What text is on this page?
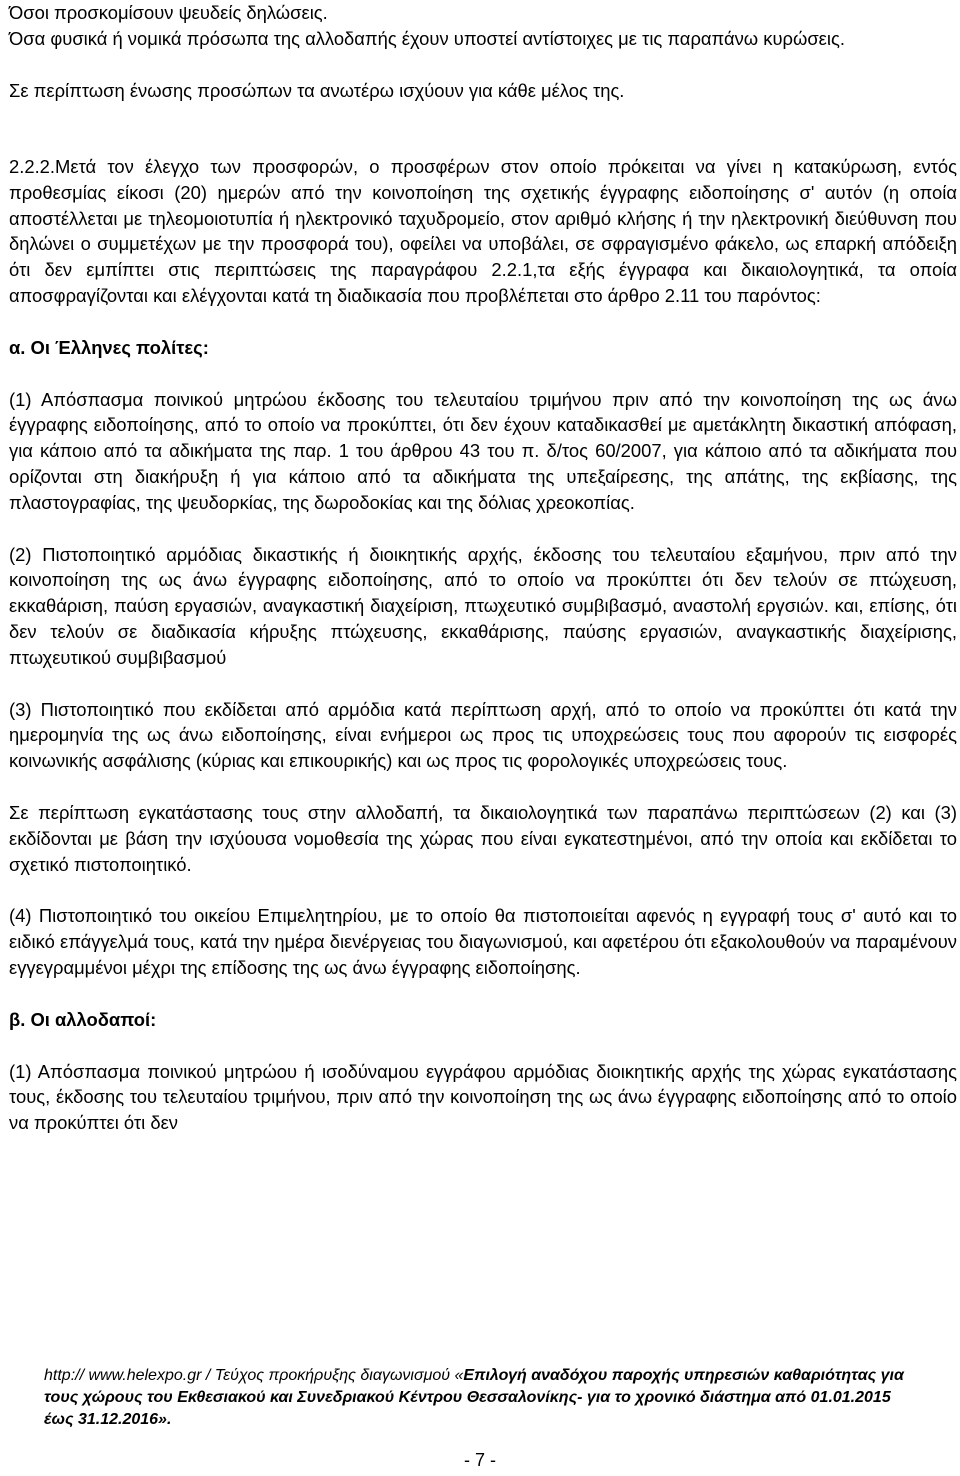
Όσοι προσκομίσουν ψευδείς δηλώσεις.

Όσα φυσικά ή νομικά πρόσωπα της αλλοδαπής έχουν υποστεί αντίστοιχες με τις παραπάνω κυρώσεις.

Σε περίπτωση ένωσης προσώπων τα ανωτέρω ισχύουν για κάθε μέλος της.

2.2.2.Μετά τον έλεγχο των προσφορών, ο προσφέρων στον οποίο πρόκειται να γίνει η κατακύρωση, εντός προθεσμίας είκοσι (20) ημερών από την κοινοποίηση της σχετικής έγγραφης ειδοποίησης σ' αυτόν (η οποία αποστέλλεται με τηλεομοιοτυπία ή ηλεκτρονικό ταχυδρομείο, στον αριθμό κλήσης ή την ηλεκτρονική διεύθυνση που δηλώνει ο συμμετέχων με την προσφορά του), οφείλει να υποβάλει, σε σφραγισμένο φάκελο, ως επαρκή απόδειξη ότι δεν εμπίπτει στις περιπτώσεις της παραγράφου 2.2.1,τα εξής έγγραφα και δικαιολογητικά, τα οποία αποσφραγίζονται και ελέγχονται κατά τη διαδικασία που προβλέπεται στο άρθρο 2.11 του παρόντος:

α. Οι Έλληνες πολίτες:

(1) Απόσπασμα ποινικού μητρώου έκδοσης του τελευταίου τριμήνου πριν από την κοινοποίηση της ως άνω έγγραφης ειδοποίησης, από το οποίο να προκύπτει, ότι δεν έχουν καταδικασθεί με αμετάκλητη δικαστική απόφαση, για κάποιο από τα αδικήματα της παρ. 1 του άρθρου 43 του π. δ/τος 60/2007, για κάποιο από τα αδικήματα που ορίζονται στη διακήρυξη ή για κάποιο από τα αδικήματα της υπεξαίρεσης, της απάτης, της εκβίασης, της πλαστογραφίας, της ψευδορκίας, της δωροδοκίας και της δόλιας χρεοκοπίας.

(2) Πιστοποιητικό αρμόδιας δικαστικής ή διοικητικής αρχής, έκδοσης του τελευταίου εξαμήνου, πριν από την κοινοποίηση της ως άνω έγγραφης ειδοποίησης, από το οποίο να προκύπτει ότι δεν τελούν σε πτώχευση, εκκαθάριση, παύση εργασιών, αναγκαστική διαχείριση, πτωχευτικό συμβιβασμό, αναστολή εργσιών. και, επίσης, ότι δεν τελούν σε διαδικασία κήρυξης πτώχευσης, εκκαθάρισης, παύσης εργασιών, αναγκαστικής διαχείρισης, πτωχευτικού συμβιβασμού

(3) Πιστοποιητικό που εκδίδεται από αρμόδια κατά περίπτωση αρχή, από το οποίο να προκύπτει ότι κατά την ημερομηνία της ως άνω ειδοποίησης, είναι ενήμεροι ως προς τις υποχρεώσεις τους που αφορούν τις εισφορές κοινωνικής ασφάλισης (κύριας και επικουρικής) και ως προς τις φορολογικές υποχρεώσεις τους.

Σε περίπτωση εγκατάστασης τους στην αλλοδαπή, τα δικαιολογητικά των παραπάνω περιπτώσεων (2) και (3) εκδίδονται με βάση την ισχύουσα νομοθεσία της χώρας που είναι εγκατεστημένοι, από την οποία και εκδίδεται το σχετικό πιστοποιητικό.

(4) Πιστοποιητικό του οικείου Επιμελητηρίου, με το οποίο θα πιστοποιείται αφενός η εγγραφή τους σ' αυτό και το ειδικό επάγγελμά τους, κατά την ημέρα διενέργειας του διαγωνισμού, και αφετέρου ότι εξακολουθούν να παραμένουν εγγεγραμμένοι μέχρι της επίδοσης της ως άνω έγγραφης ειδοποίησης.

β. Οι αλλοδαποί:

(1) Απόσπασμα ποινικού μητρώου ή ισοδύναμου εγγράφου αρμόδιας διοικητικής αρχής της χώρας εγκατάστασης τους, έκδοσης του τελευταίου τριμήνου, πριν από την κοινοποίηση της ως άνω έγγραφης ειδοποίησης από το οποίο να προκύπτει ότι δεν

http:// www.helexpo.gr / Τεύχος προκήρυξης διαγωνισμού «Επιλογή αναδόχου παροχής υπηρεσιών καθαριότητας για τους χώρους του Εκθεσιακού και Συνεδριακού Κέντρου Θεσσαλονίκης- για το χρονικό διάστημα από 01.01.2015 έως 31.12.2016».
- 7 -
